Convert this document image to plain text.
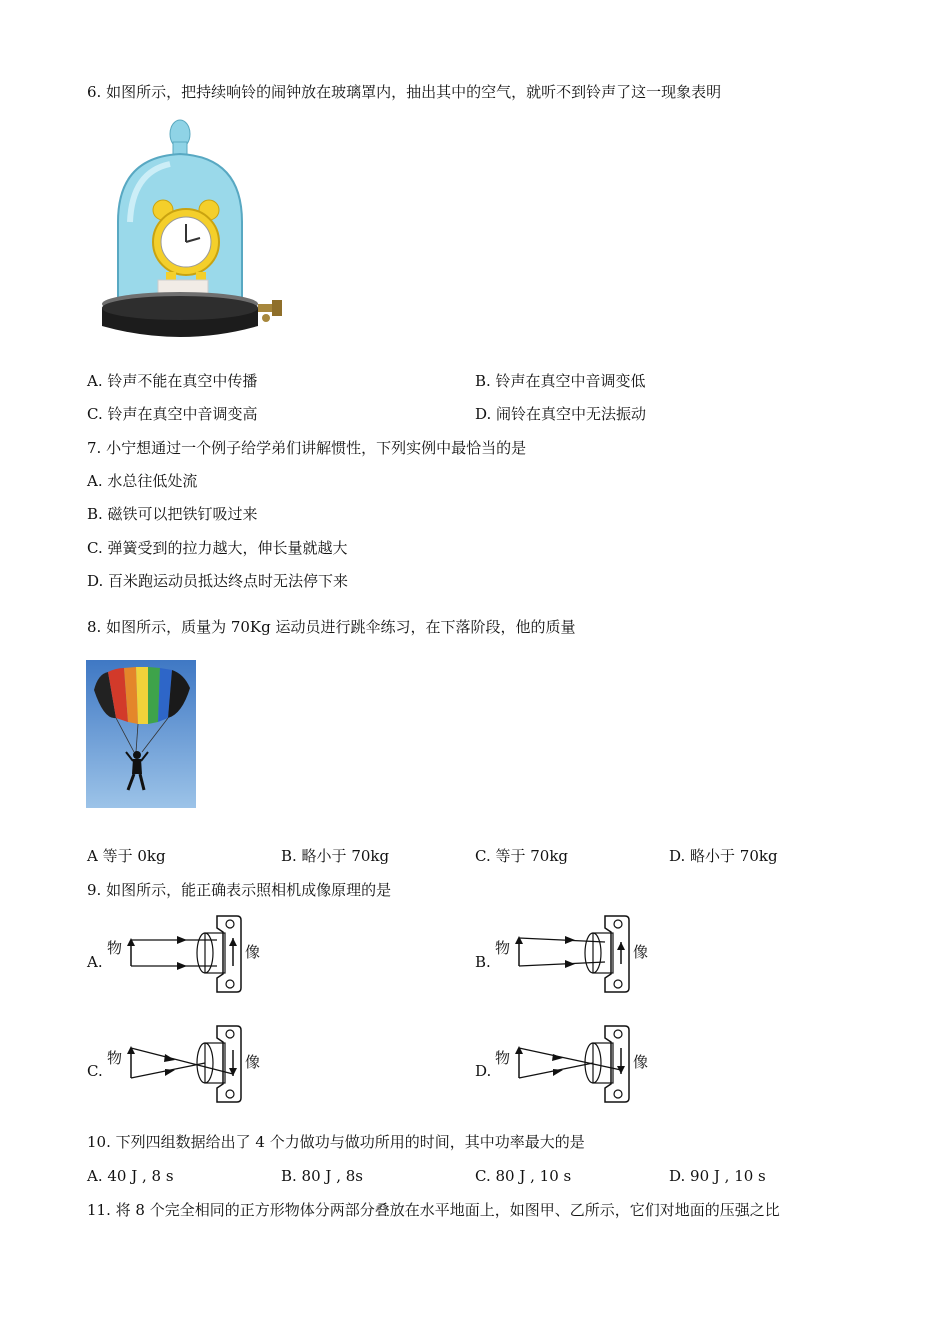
6. 如图所示，把持续响铃的闹钟放在玻璃罩内，抽出其中的空气，就听不到铃声了这一现象表明
A. 铃声不能在真空中传播	B. 铃声在真空中音调变低
C. 铃声在真空中音调变高	D. 闹铃在真空中无法振动
7. 小宁想通过一个例子给学弟们讲解惯性，下列实例中最恰当的是
A. 水总往低处流
B. 磁铁可以把铁钉吸过来
C. 弹簧受到的拉力越大，伸长量就越大
D. 百米跑运动员抵达终点时无法停下来
8. 如图所示，质量为 70Kg 运动员进行跳伞练习，在下落阶段，他的质量
A 等于 0kg	B. 略小于 70kg	C. 等于 70kg	D. 略小于 70kg
9. 如图所示，能正确表示照相机成像原理的是
A.
物	像
B.
物	像
C.
物	像	D.
物	像
10. 下列四组数据给出了 4 个力做功与做功所用的时间，其中功率最大的是
A. 40 J , 8 s	B. 80 J , 8s	C. 80 J , 10 s	D. 90 J , 10 s
11. 将 8 个完全相同的正方形物体分两部分叠放在水平地面上，如图甲、乙所示，它们对地面的压强之比
